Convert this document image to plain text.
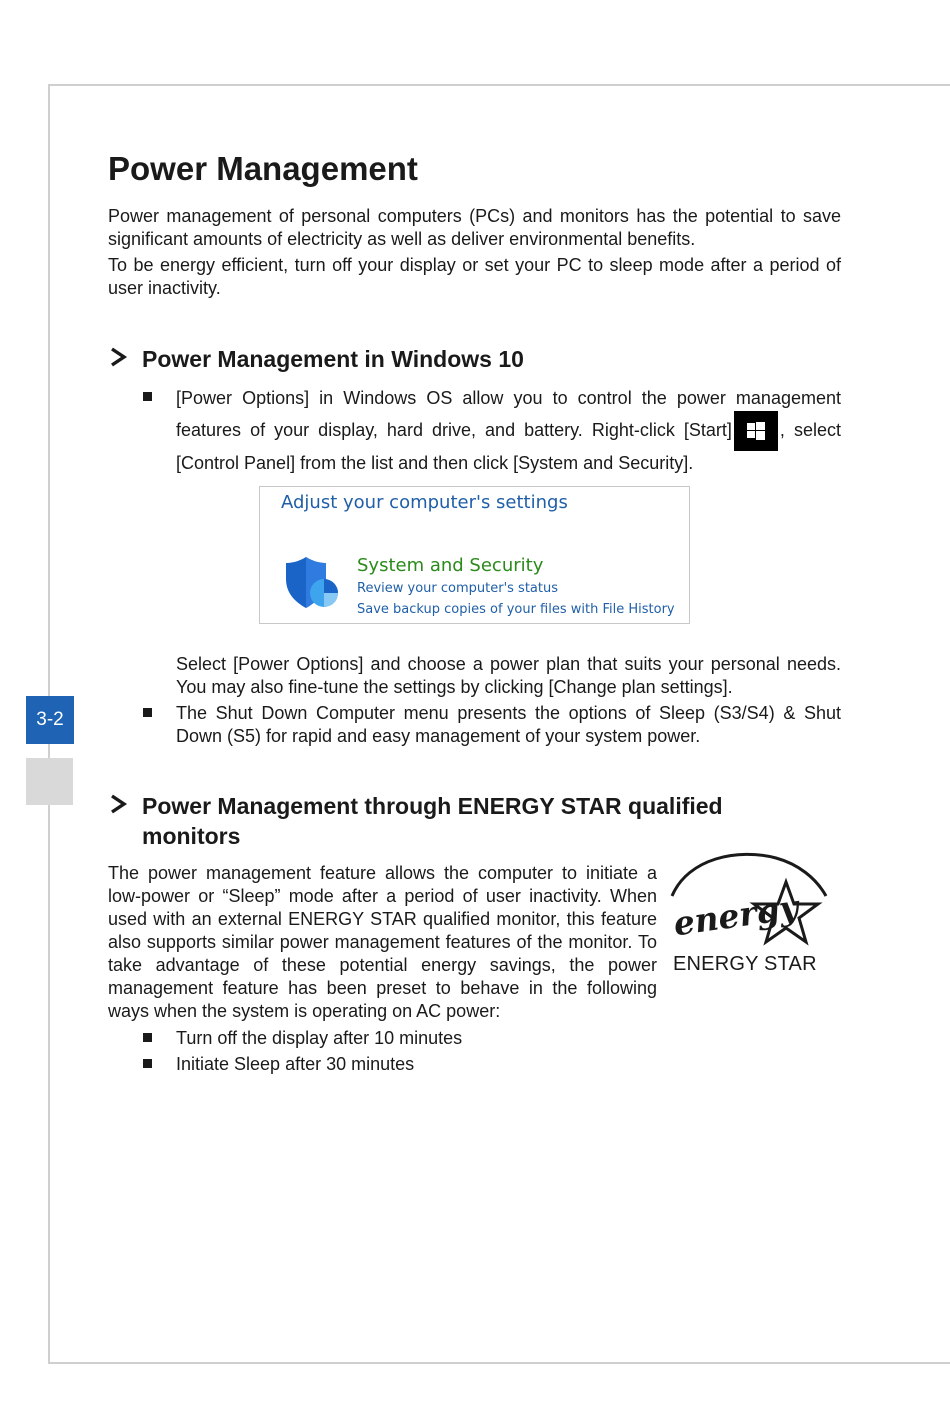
3-2
Power Management

Power management of personal computers (PCs) and monitors has the potential to save significant amounts of electricity as well as deliver environmental benefits.

To be energy efficient, turn off your display or set your PC to sleep mode after a period of user inactivity.

Power Management in Windows 10
[Power Options] in Windows OS allow you to control the power management features of your display, hard drive, and battery. Right-click [Start]	, select [Control Panel] from the list and then click [System and Security].
Adjust your computer's settings
System and Security
Review your computer's status
Save backup copies of your files with File History

Select [Power Options] and choose a power plan that suits your personal needs. You may also fine-tune the settings by clicking [Change plan settings].

The Shut Down Computer menu presents the options of Sleep (S3/S4) & Shut Down (S5) for rapid and easy management of your system power.
Power Management through ENERGY STAR qualified monitors

The power management feature allows the computer to initiate a low-power or “Sleep” mode after a period of user inactivity. When used with an external ENERGY STAR qualified monitor, this feature also supports similar power management features of the monitor. To take advantage of these potential energy savings, the power management feature has been preset to behave in the following ways when the system is operating on AC power:

energy
ENERGY STAR
Turn off the display after 10 minutes
Initiate Sleep after 30 minutes
